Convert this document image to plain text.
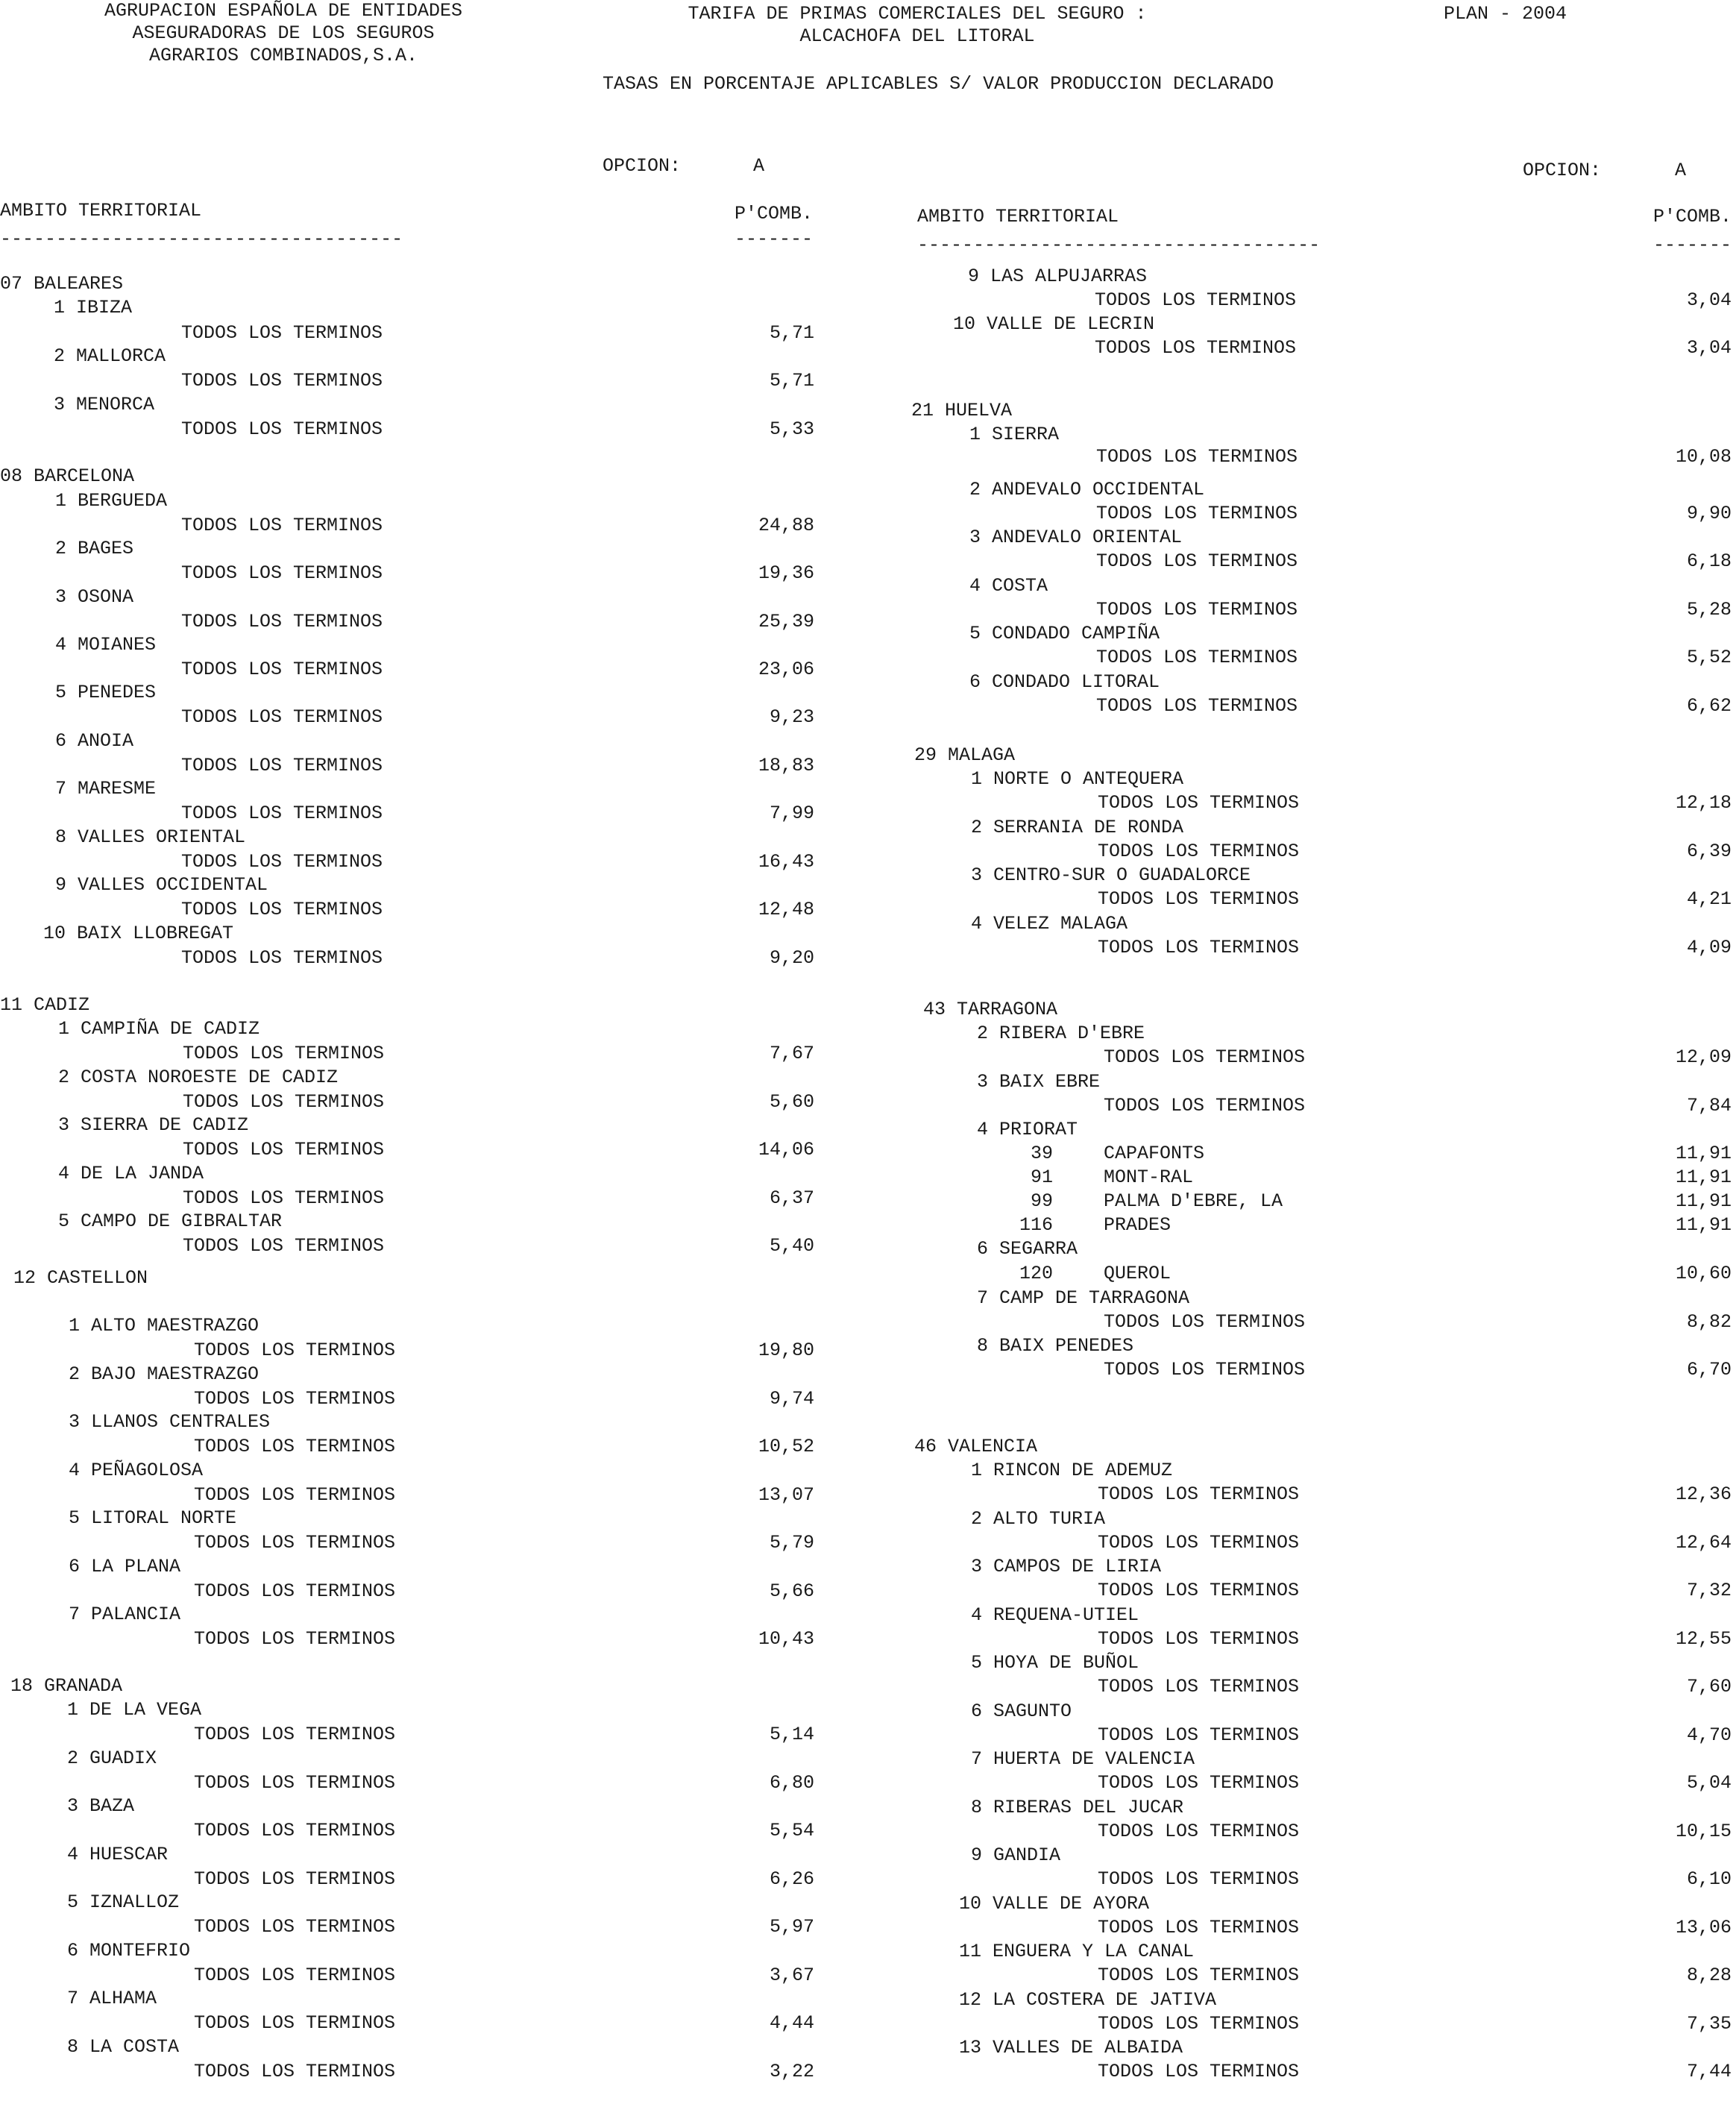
AGRUPACION ESPAÑOLA DE ENTIDADES
ASEGURADORAS DE LOS SEGUROS
AGRARIOS COMBINADOS,S.A.
TARIFA DE PRIMAS COMERCIALES DEL SEGURO :
ALCACHOFA DEL LITORAL
PLAN - 2004
TASAS EN PORCENTAJE APLICABLES S/ VALOR PRODUCCION DECLARADO
OPCION:	A
AMBITO TERRITORIAL	P'COMB.
------------------------------------	-------
OPCION:	A
AMBITO TERRITORIAL	P'COMB.
------------------------------------	-------
07 BALEARES
1 IBIZA
TODOS LOS TERMINOS	5,71
2 MALLORCA
TODOS LOS TERMINOS	5,71
3 MENORCA
TODOS LOS TERMINOS	5,33
08 BARCELONA
1 BERGUEDA
TODOS LOS TERMINOS	24,88
2 BAGES
TODOS LOS TERMINOS	19,36
3 OSONA
TODOS LOS TERMINOS	25,39
4 MOIANES
TODOS LOS TERMINOS	23,06
5 PENEDES
TODOS LOS TERMINOS	9,23
6 ANOIA
TODOS LOS TERMINOS	18,83
7 MARESME
TODOS LOS TERMINOS	7,99
8 VALLES ORIENTAL
TODOS LOS TERMINOS	16,43
9 VALLES OCCIDENTAL
TODOS LOS TERMINOS	12,48
10 BAIX LLOBREGAT
TODOS LOS TERMINOS	9,20
11 CADIZ
1 CAMPIÑA DE CADIZ
TODOS LOS TERMINOS	7,67
2 COSTA NOROESTE DE CADIZ
TODOS LOS TERMINOS	5,60
3 SIERRA DE CADIZ
TODOS LOS TERMINOS	14,06
4 DE LA JANDA
TODOS LOS TERMINOS	6,37
5 CAMPO DE GIBRALTAR
TODOS LOS TERMINOS	5,40
12 CASTELLON
1 ALTO MAESTRAZGO
TODOS LOS TERMINOS	19,80
2 BAJO MAESTRAZGO
TODOS LOS TERMINOS	9,74
3 LLANOS CENTRALES
TODOS LOS TERMINOS	10,52
4 PEÑAGOLOSA
TODOS LOS TERMINOS	13,07
5 LITORAL NORTE
TODOS LOS TERMINOS	5,79
6 LA PLANA
TODOS LOS TERMINOS	5,66
7 PALANCIA
TODOS LOS TERMINOS	10,43
18 GRANADA
1 DE LA VEGA
TODOS LOS TERMINOS	5,14
2 GUADIX
TODOS LOS TERMINOS	6,80
3 BAZA
TODOS LOS TERMINOS	5,54
4 HUESCAR
TODOS LOS TERMINOS	6,26
5 IZNALLOZ
TODOS LOS TERMINOS	5,97
6 MONTEFRIO
TODOS LOS TERMINOS	3,67
7 ALHAMA
TODOS LOS TERMINOS	4,44
8 LA COSTA
TODOS LOS TERMINOS	3,22
9 LAS ALPUJARRAS
TODOS LOS TERMINOS	3,04
10 VALLE DE LECRIN
TODOS LOS TERMINOS	3,04
21 HUELVA
1 SIERRA
TODOS LOS TERMINOS	10,08
2 ANDEVALO OCCIDENTAL
TODOS LOS TERMINOS	9,90
3 ANDEVALO ORIENTAL
TODOS LOS TERMINOS	6,18
4 COSTA
TODOS LOS TERMINOS	5,28
5 CONDADO CAMPIÑA
TODOS LOS TERMINOS	5,52
6 CONDADO LITORAL
TODOS LOS TERMINOS	6,62
29 MALAGA
1 NORTE O ANTEQUERA
TODOS LOS TERMINOS	12,18
2 SERRANIA DE RONDA
TODOS LOS TERMINOS	6,39
3 CENTRO-SUR O GUADALORCE
TODOS LOS TERMINOS	4,21
4 VELEZ MALAGA
TODOS LOS TERMINOS	4,09
43 TARRAGONA
2 RIBERA D'EBRE
TODOS LOS TERMINOS	12,09
3 BAIX EBRE
TODOS LOS TERMINOS	7,84
4 PRIORAT
39	CAPAFONTS	11,91
91	MONT-RAL	11,91
99	PALMA D'EBRE, LA	11,91
116	PRADES	11,91
6 SEGARRA
120	QUEROL	10,60
7 CAMP DE TARRAGONA
TODOS LOS TERMINOS	8,82
8 BAIX PENEDES
TODOS LOS TERMINOS	6,70
46 VALENCIA
1 RINCON DE ADEMUZ
TODOS LOS TERMINOS	12,36
2 ALTO TURIA
TODOS LOS TERMINOS	12,64
3 CAMPOS DE LIRIA
TODOS LOS TERMINOS	7,32
4 REQUENA-UTIEL
TODOS LOS TERMINOS	12,55
5 HOYA DE BUÑOL
TODOS LOS TERMINOS	7,60
6 SAGUNTO
TODOS LOS TERMINOS	4,70
7 HUERTA DE VALENCIA
TODOS LOS TERMINOS	5,04
8 RIBERAS DEL JUCAR
TODOS LOS TERMINOS	10,15
9 GANDIA
TODOS LOS TERMINOS	6,10
10 VALLE DE AYORA
TODOS LOS TERMINOS	13,06
11 ENGUERA Y LA CANAL
TODOS LOS TERMINOS	8,28
12 LA COSTERA DE JATIVA
TODOS LOS TERMINOS	7,35
13 VALLES DE ALBAIDA
TODOS LOS TERMINOS	7,44
